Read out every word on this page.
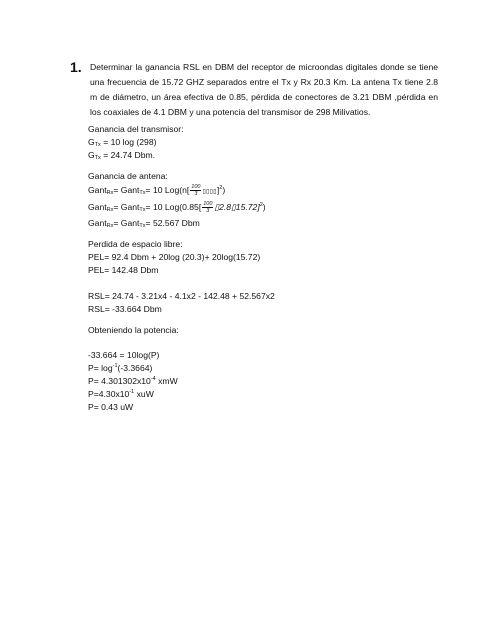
1. Determinar la ganancia RSL en DBM del receptor de microondas digitales donde se tiene una frecuencia de 15.72 GHZ separados entre el Tx y Rx 20.3 Km. La antena Tx tiene 2.8 m de diámetro, un área efectiva de 0.85, pérdida de conectores de 3.21 DBM ,pérdida en los coaxiales de 4.1 DBM y una potencia del transmisor de 298 Milivatios.
Ganancia del transmisor:
GTx = 10 log (298)
GTx = 24.74 Dbm.
Ganancia de antena:
GantRx= GantTx= 10 $Log(n[ \frac{100}{3}$ ▯▯▯▯]$^2$)
GantRx= GantTx= 10 $Log(0.85[ \frac{100}{3}$ ▯2.8▯15.72]$^2$)
GantRx= GantTx= 52.567 Dbm
Perdida de espacio libre:
PEL= 92.4 Dbm + 20log (20.3)+ 20log(15.72)
PEL= 142.48 Dbm
RSL= 24.74 - 3.21x4 - 4.1x2 - 142.48 + 52.567x2
RSL= -33.664 Dbm
Obteniendo la potencia:
-33.664 = 10log(P)
$P= \log^{-1}(-3.3664)$
$P= 4.301302x10^{-4}$ xmW
$P=4.30x10^{-1}$ xuW
P= 0.43 uW
